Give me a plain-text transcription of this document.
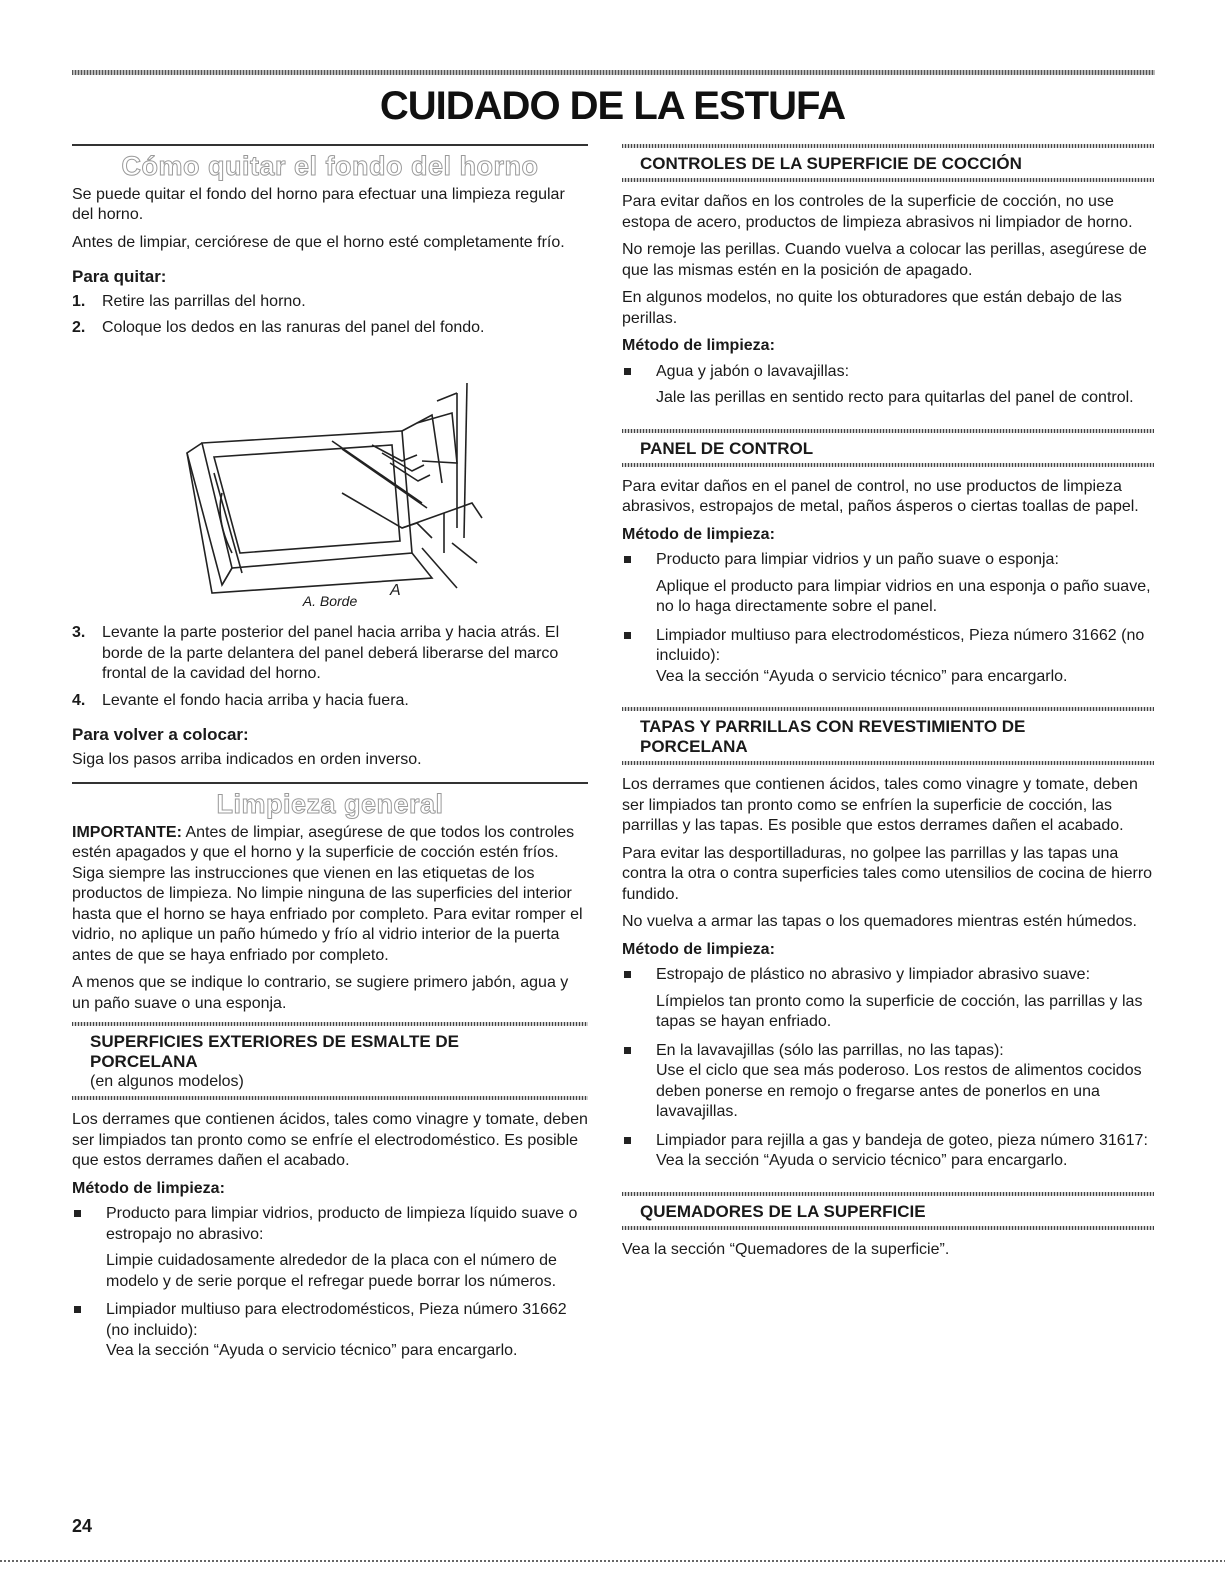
CUIDADO DE LA ESTUFA
Cómo quitar el fondo del horno

Se puede quitar el fondo del horno para efectuar una limpieza regular del horno.

Antes de limpiar, cerciórese de que el horno esté completamente frío.

Para quitar:
1. Retire las parrillas del horno.
2. Coloque los dedos en las ranuras del panel del fondo.
A
A. Borde
3. Levante la parte posterior del panel hacia arriba y hacia atrás. El borde de la parte delantera del panel deberá liberarse del marco frontal de la cavidad del horno.
4. Levante el fondo hacia arriba y hacia fuera.
Para volver a colocar:

Siga los pasos arriba indicados en orden inverso.

Limpieza general

IMPORTANTE: Antes de limpiar, asegúrese de que todos los controles estén apagados y que el horno y la superficie de cocción estén fríos. Siga siempre las instrucciones que vienen en las etiquetas de los productos de limpieza. No limpie ninguna de las superficies del interior hasta que el horno se haya enfriado por completo. Para evitar romper el vidrio, no aplique un paño húmedo y frío al vidrio interior de la puerta antes de que se haya enfriado por completo.

A menos que se indique lo contrario, se sugiere primero jabón, agua y un paño suave o una esponja.

SUPERFICIES EXTERIORES DE ESMALTE DE
PORCELANA
(en algunos modelos)

Los derrames que contienen ácidos, tales como vinagre y tomate, deben ser limpiados tan pronto como se enfríe el electrodoméstico. Es posible que estos derrames dañen el acabado.

Método de limpieza:
Producto para limpiar vidrios, producto de limpieza líquido suave o estropajo no abrasivo:
Limpie cuidadosamente alrededor de la placa con el número de modelo y de serie porque el refregar puede borrar los números.
Limpiador multiuso para electrodomésticos, Pieza número 31662 (no incluido):
Vea la sección “Ayuda o servicio técnico” para encargarlo.
CONTROLES DE LA SUPERFICIE DE COCCIÓN

Para evitar daños en los controles de la superficie de cocción, no use estopa de acero, productos de limpieza abrasivos ni limpiador de horno.

No remoje las perillas. Cuando vuelva a colocar las perillas, asegúrese de que las mismas estén en la posición de apagado.

En algunos modelos, no quite los obturadores que están debajo de las perillas.

Método de limpieza:
Agua y jabón o lavavajillas:
Jale las perillas en sentido recto para quitarlas del panel de control.
PANEL DE CONTROL

Para evitar daños en el panel de control, no use productos de limpieza abrasivos, estropajos de metal, paños ásperos o ciertas toallas de papel.

Método de limpieza:
Producto para limpiar vidrios y un paño suave o esponja:
Aplique el producto para limpiar vidrios en una esponja o paño suave, no lo haga directamente sobre el panel.
Limpiador multiuso para electrodomésticos, Pieza número 31662 (no incluido):
Vea la sección “Ayuda o servicio técnico” para encargarlo.
TAPAS Y PARRILLAS CON REVESTIMIENTO DE
PORCELANA

Los derrames que contienen ácidos, tales como vinagre y tomate, deben ser limpiados tan pronto como se enfríen la superficie de cocción, las parrillas y las tapas. Es posible que estos derrames dañen el acabado.

Para evitar las desportilladuras, no golpee las parrillas y las tapas una contra la otra o contra superficies tales como utensilios de cocina de hierro fundido.

No vuelva a armar las tapas o los quemadores mientras estén húmedos.

Método de limpieza:
Estropajo de plástico no abrasivo y limpiador abrasivo suave:
Límpielos tan pronto como la superficie de cocción, las parrillas y las tapas se hayan enfriado.
En la lavavajillas (sólo las parrillas, no las tapas):
Use el ciclo que sea más poderoso. Los restos de alimentos cocidos deben ponerse en remojo o fregarse antes de ponerlos en una lavavajillas.
Limpiador para rejilla a gas y bandeja de goteo, pieza número 31617:
Vea la sección “Ayuda o servicio técnico” para encargarlo.
QUEMADORES DE LA SUPERFICIE

Vea la sección “Quemadores de la superficie”.

24
